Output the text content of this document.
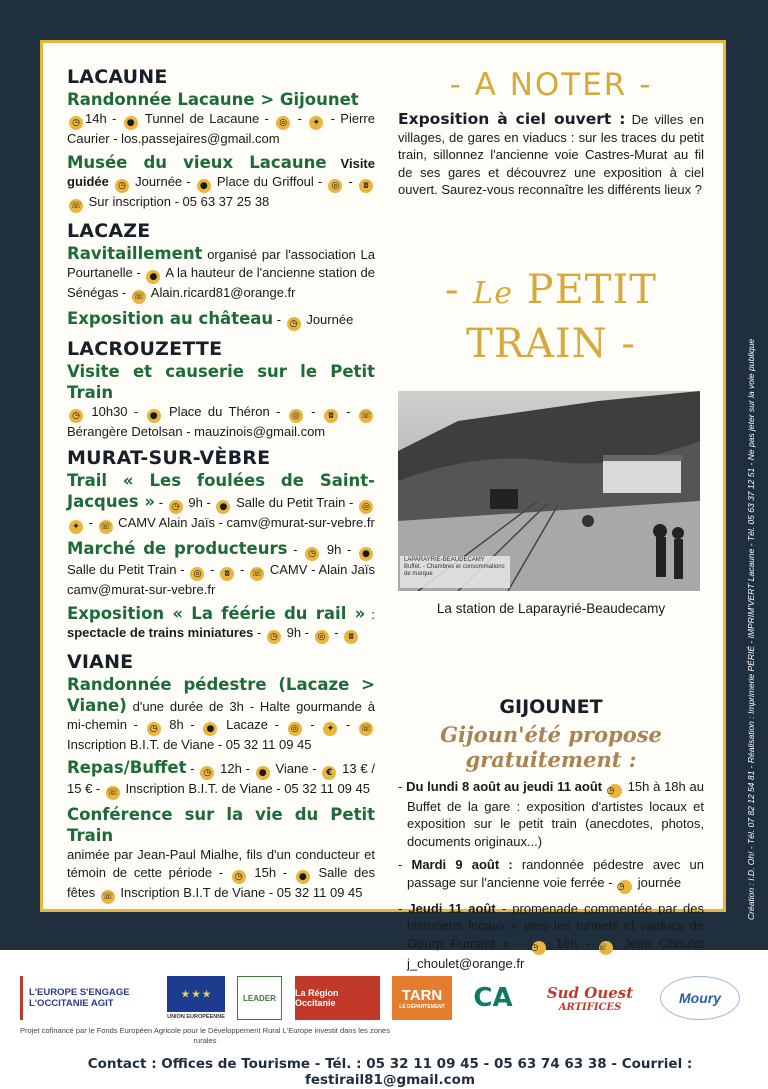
LACAUNE
Randonnée Lacaune > Gijounet
◷ 14h - ● Tunnel de Lacaune - ◎ - ✦ - Pierre Caurier - los.passejaires@gmail.com
Musée du vieux Lacaune Visite guidée ◷ Journée - ● Place du Griffoul - ◎ - ʬ ☏ Sur inscription - 05 63 37 25 38
LACAZE
Ravitaillement organisé par l'association La Pourtanelle - ● A la hauteur de l'ancienne station de Sénégas - ☏ Alain.ricard81@orange.fr
Exposition au château - ◷ Journée
LACROUZETTE
Visite et causerie sur le Petit Train
◷ 10h30 - ● Place du Théron - ◎ - ʬ - ☏ Bérangère Detolsan - mauzinois@gmail.com
MURAT-SUR-VÈBRE
Trail « Les foulées de Saint-Jacques » - ◷ 9h - ● Salle du Petit Train - ◎ ✦ - ☏ CAMV Alain Jaïs - camv@murat-sur-vebre.fr
Marché de producteurs - ◷ 9h - ● Salle du Petit Train - ◎ - ʬ - ☏ CAMV - Alain Jaïs camv@murat-sur-vebre.fr
Exposition « La féérie du rail » : spectacle de trains miniatures - ◷ 9h - ◎ - ʬ
VIANE
Randonnée pédestre (Lacaze > Viane) d'une durée de 3h - Halte gourmande à mi-chemin - ◷ 8h - ● Lacaze - ◎ - ✦ - ☏ Inscription B.I.T. de Viane - 05 32 11 09 45
Repas/Buffet - ◷ 12h - ● Viane - € 13 € / 15 € - ☏ Inscription B.I.T. de Viane - 05 32 11 09 45
Conférence sur la vie du Petit Train
animée par Jean-Paul Mialhe, fils d'un conducteur et témoin de cette période - ◷ 15h - ● Salle des fêtes ☏ Inscription B.I.T de Viane - 05 32 11 09 45
- A NOTER -
Exposition à ciel ouvert : De villes en villages, de gares en viaducs : sur les traces du petit train, sillonnez l'ancienne voie Castres-Murat au fil de ses gares et découvrez une exposition à ciel ouvert. Saurez-vous reconnaître les différents lieux ?
- Le PETIT TRAIN -
LAPARAYRIE-BEAUDECAMY
Buffet. - Chambres et consommations de marque
La station de Laparayrié-Beaudecamy
GIJOUNET
Gijoun'été propose gratuitement :
- Du lundi 8 août au jeudi 11 août ◷ 15h à 18h au Buffet de la gare : exposition d'artistes locaux et exposition sur le petit train (anecdotes, photos, documents originaux...)
- Mardi 9 août : randonnée pédestre avec un passage sur l'ancienne voie ferrée - ◷ journée
- Jeudi 11 août - promenade commentée par des historiens locaux « vers les tunnels et viaducs de Gourp Fumant » - ◷ 16h - ☏ Jean Choulet j_choulet@orange.fr
Création : I.D. Oh! - Tél. 07 82 12 54 81 - Réalisation : Imprimerie PÉRIÉ - IMPRIM'VERT Lacaune - Tél. 05 63 37 12 51 - Ne pas jeter sur la voie publique
L'EUROPE S'ENGAGE L'OCCITANIE AGIT
★ ★ ★
UNION EUROPÉENNE
LEADER	La Région Occitanie	TARN
LE DÉPARTEMENT	CA	Sud Ouest
ARTIFICES
Moury
Projet cofinancé par le Fonds Européen Agricole pour le Développement Rural L'Europe investit dans les zones rurales
Contact : Offices de Tourisme - Tél. : 05 32 11 09 45 - 05 63 74 63 38 - Courriel : festirail81@gmail.com
